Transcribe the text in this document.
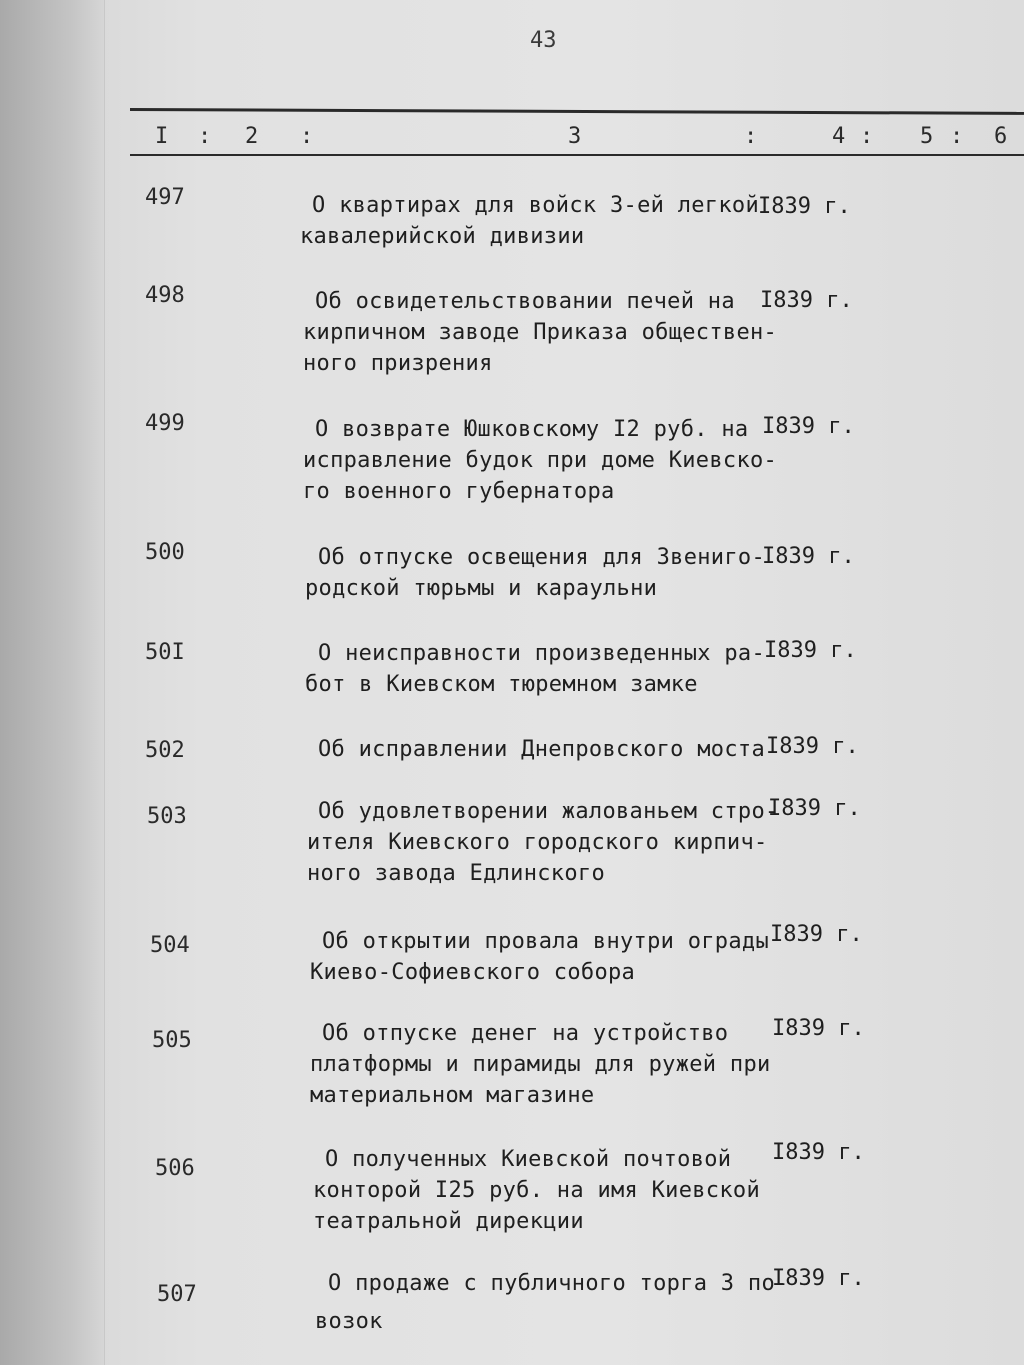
43
I : 2 :	3	:	4 : 5 : 6
497	О квартирах для войск 3-ей легкой
кавалерийской дивизии
I839 г.
498	Об освидетельствовании печей на
кирпичном заводе Приказа обществен-
ного призрения
I839 г.
499	О возврате Юшковскому I2 руб. на
исправление будок при доме Киевско-
го военного губернатора
I839 г.
500	Об отпуске освещения для Звениго-
родской тюрьмы и караульни
I839 г.
50I	О неисправности произведенных ра-
бот в Киевском тюремном замке
I839 г.
502	Об исправлении Днепровского моста I839 г.
503	Об удовлетворении жалованьем стро-
ителя Киевского городского кирпич-
ного завода Едлинского
I839 г.
504	Об открытии провала внутри ограды
Киево-Софиевского собора
I839 г.
505	Об отпуске денег на устройство
платформы и пирамиды для ружей при
материальном магазине
I839 г.
506	О полученных Киевской почтовой
конторой I25 руб. на имя Киевской
театральной дирекции
I839 г.
507	О продаже с публичного торга 3 по-
возок
I839 г.
